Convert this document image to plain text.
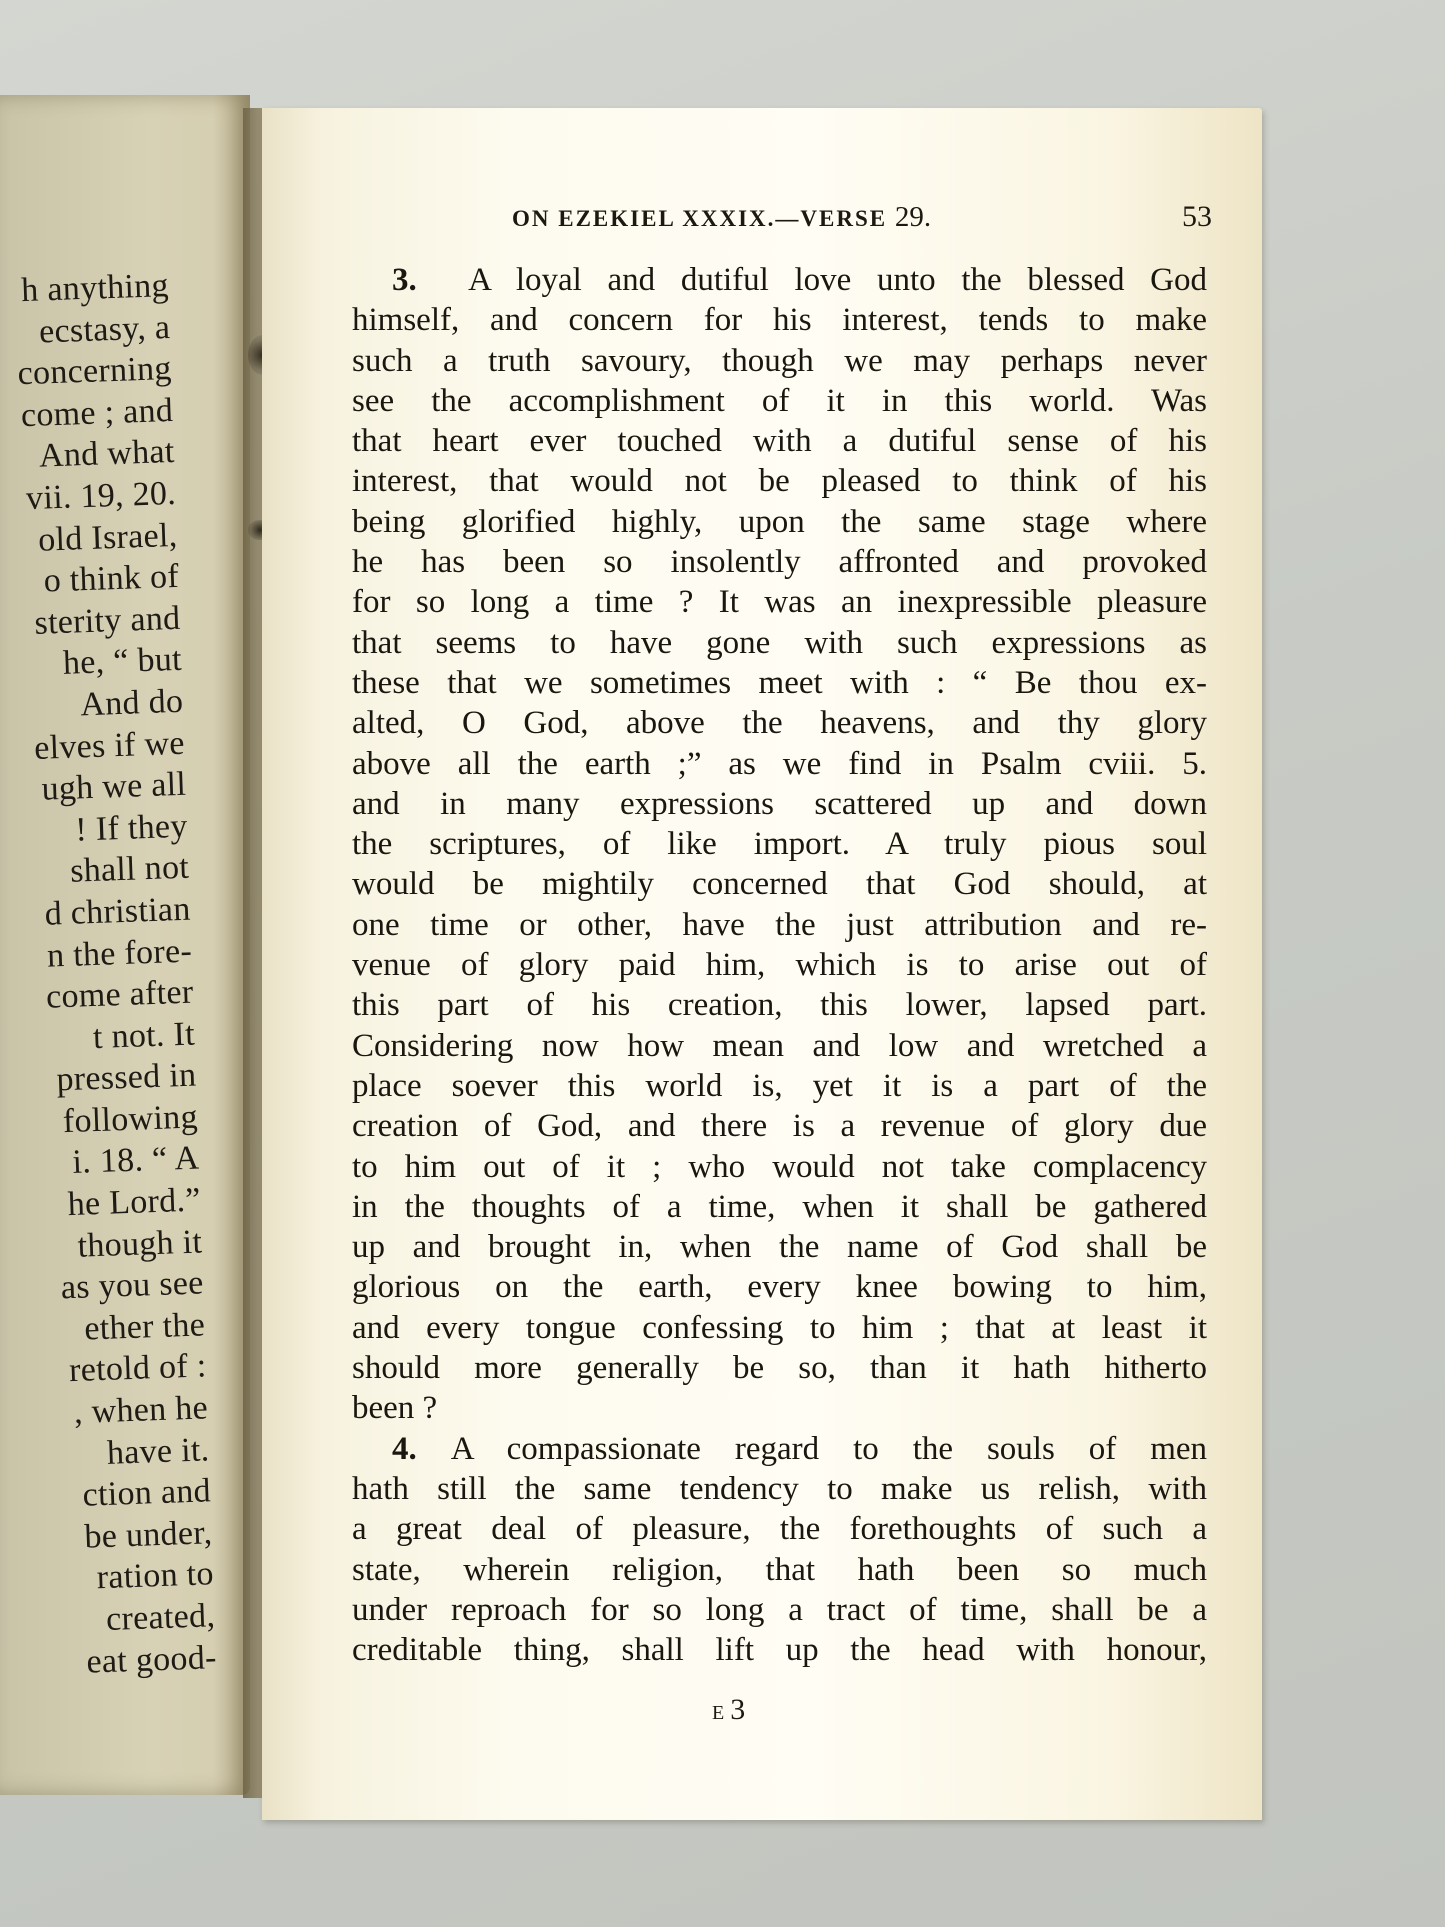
h anything
ecstasy, a
concerning
come ; and
And what
vii. 19, 20.
old Israel,
o think of
sterity and
he, “ but
And do
elves if we
ugh we all
! If they
shall not
d christian
n the fore-
come after
t not. It
pressed in
following
i. 18. “ A
he Lord.”
though it
as you see
ether the
retold of :
, when he
have it.
ction and
be under,
ration to
created,
eat good-
ON EZEKIEL XXXIX.—VERSE 29.	53
3. A loyal and dutiful love unto the blessed God
himself, and concern for his interest, tends to make
such a truth savoury, though we may perhaps never
see the accomplishment of it in this world. Was
that heart ever touched with a dutiful sense of his
interest, that would not be pleased to think of his
being glorified highly, upon the same stage where
he has been so insolently affronted and provoked
for so long a time ? It was an inexpressible pleasure
that seems to have gone with such expressions as
these that we sometimes meet with : “ Be thou ex-
alted, O God, above the heavens, and thy glory
above all the earth ;” as we find in Psalm cviii. 5.
and in many expressions scattered up and down
the scriptures, of like import. A truly pious soul
would be mightily concerned that God should, at
one time or other, have the just attribution and re-
venue of glory paid him, which is to arise out of
this part of his creation, this lower, lapsed part.
Considering now how mean and low and wretched a
place soever this world is, yet it is a part of the
creation of God, and there is a revenue of glory due
to him out of it ; who would not take complacency
in the thoughts of a time, when it shall be gathered
up and brought in, when the name of God shall be
glorious on the earth, every knee bowing to him,
and every tongue confessing to him ; that at least it
should more generally be so, than it hath hitherto
been ?
4. A compassionate regard to the souls of men
hath still the same tendency to make us relish, with
a great deal of pleasure, the forethoughts of such a
state, wherein religion, that hath been so much
under reproach for so long a tract of time, shall be a
creditable thing, shall lift up the head with honour,
E3
